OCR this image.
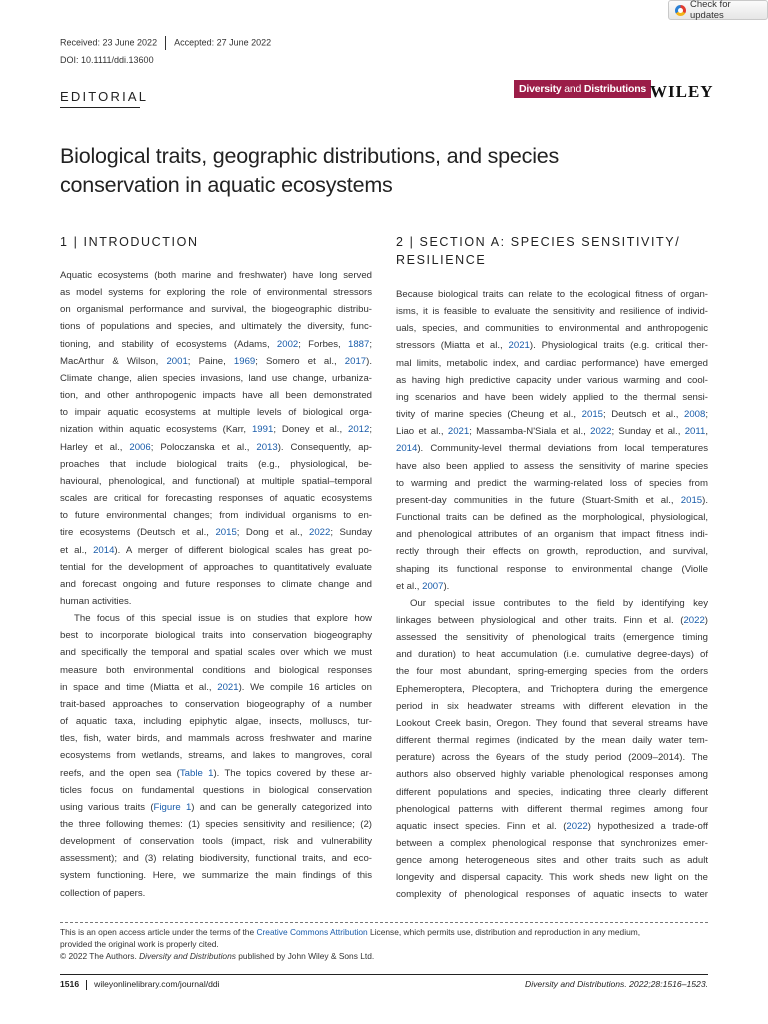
Check for updates
Received: 23 June 2022 Accepted: 27 June 2022
DOI: 10.1111/ddi.13600
EDITORIAL	Diversity and Distributions WILEY
Biological traits, geographic distributions, and species
conservation in aquatic ecosystems
1 | INTRODUCTION	2 | SECTION A: SPECIES SENSITIVITY/
RESILIENCE
Aquatic ecosystems (both marine and freshwater) have long served
as model systems for exploring the role of environmental stressors
on organismal performance and survival, the biogeographic distribu-
tions of populations and species, and ultimately the diversity, func-
tioning, and stability of ecosystems (Adams, 2002; Forbes, 1887;
MacArthur & Wilson, 2001; Paine, 1969; Somero et al., 2017).
Climate change, alien species invasions, land use change, urbaniza-
tion, and other anthropogenic impacts have all been demonstrated
to impair aquatic ecosystems at multiple levels of biological orga-
nization within aquatic ecosystems (Karr, 1991; Doney et al., 2012;
Harley et al., 2006; Poloczanska et al., 2013). Consequently, ap-
proaches that include biological traits (e.g., physiological, be-
havioural, phenological, and functional) at multiple spatial–temporal
scales are critical for forecasting responses of aquatic ecosystems
to future environmental changes; from individual organisms to en-
tire ecosystems (Deutsch et al., 2015; Dong et al., 2022; Sunday
et al., 2014). A merger of different biological scales has great po-
tential for the development of approaches to quantitatively evaluate
and forecast ongoing and future responses to climate change and
human activities.
The focus of this special issue is on studies that explore how
best to incorporate biological traits into conservation biogeography
and specifically the temporal and spatial scales over which we must
measure both environmental conditions and biological responses
in space and time (Miatta et al., 2021). We compile 16 articles on
trait-based approaches to conservation biogeography of a number
of aquatic taxa, including epiphytic algae, insects, molluscs, tur-
tles, fish, water birds, and mammals across freshwater and marine
ecosystems from wetlands, streams, and lakes to mangroves, coral
reefs, and the open sea (Table 1). The topics covered by these ar-
ticles focus on fundamental questions in biological conservation
using various traits (Figure 1) and can be generally categorized into
the three following themes: (1) species sensitivity and resilience; (2)
development of conservation tools (impact, risk and vulnerability
assessment); and (3) relating biodiversity, functional traits, and eco-
system functioning. Here, we summarize the main findings of this
collection of papers.
Because biological traits can relate to the ecological fitness of organ-
isms, it is feasible to evaluate the sensitivity and resilience of individ-
uals, species, and communities to environmental and anthropogenic
stressors (Miatta et al., 2021). Physiological traits (e.g. critical ther-
mal limits, metabolic index, and cardiac performance) have emerged
as having high predictive capacity under various warming and cool-
ing scenarios and have been widely applied to the thermal sensi-
tivity of marine species (Cheung et al., 2015; Deutsch et al., 2008;
Liao et al., 2021; Massamba-N'Siala et al., 2022; Sunday et al., 2011,
2014). Community-level thermal deviations from local temperatures
have also been applied to assess the sensitivity of marine species
to warming and predict the warming-related loss of species from
present-day communities in the future (Stuart-Smith et al., 2015).
Functional traits can be defined as the morphological, physiological,
and phenological attributes of an organism that impact fitness indi-
rectly through their effects on growth, reproduction, and survival,
shaping its functional response to environmental change (Violle
et al., 2007).
Our special issue contributes to the field by identifying key
linkages between physiological and other traits. Finn et al. (2022)
assessed the sensitivity of phenological traits (emergence timing
and duration) to heat accumulation (i.e. cumulative degree-days) of
the four most abundant, spring-emerging species from the orders
Ephemeroptera, Plecoptera, and Trichoptera during the emergence
period in six headwater streams with different elevation in the
Lookout Creek basin, Oregon. They found that several streams have
different thermal regimes (indicated by the mean daily water tem-
perature) across the 6years of the study period (2009–2014). The
authors also observed highly variable phenological responses among
different populations and species, indicating three clearly different
phenological patterns with different thermal regimes among four
aquatic insect species. Finn et al. (2022) hypothesized a trade-off
between a complex phenological response that synchronizes emer-
gence among heterogeneous sites and other traits such as adult
longevity and dispersal capacity. This work sheds new light on the
complexity of phenological responses of aquatic insects to water
This is an open access article under the terms of the Creative Commons Attribution License, which permits use, distribution and reproduction in any medium,
provided the original work is properly cited.
© 2022 The Authors. Diversity and Distributions published by John Wiley & Sons Ltd.
1516 wileyonlinelibrary.com/journal/ddi	Diversity and Distributions. 2022;28:1516–1523.
